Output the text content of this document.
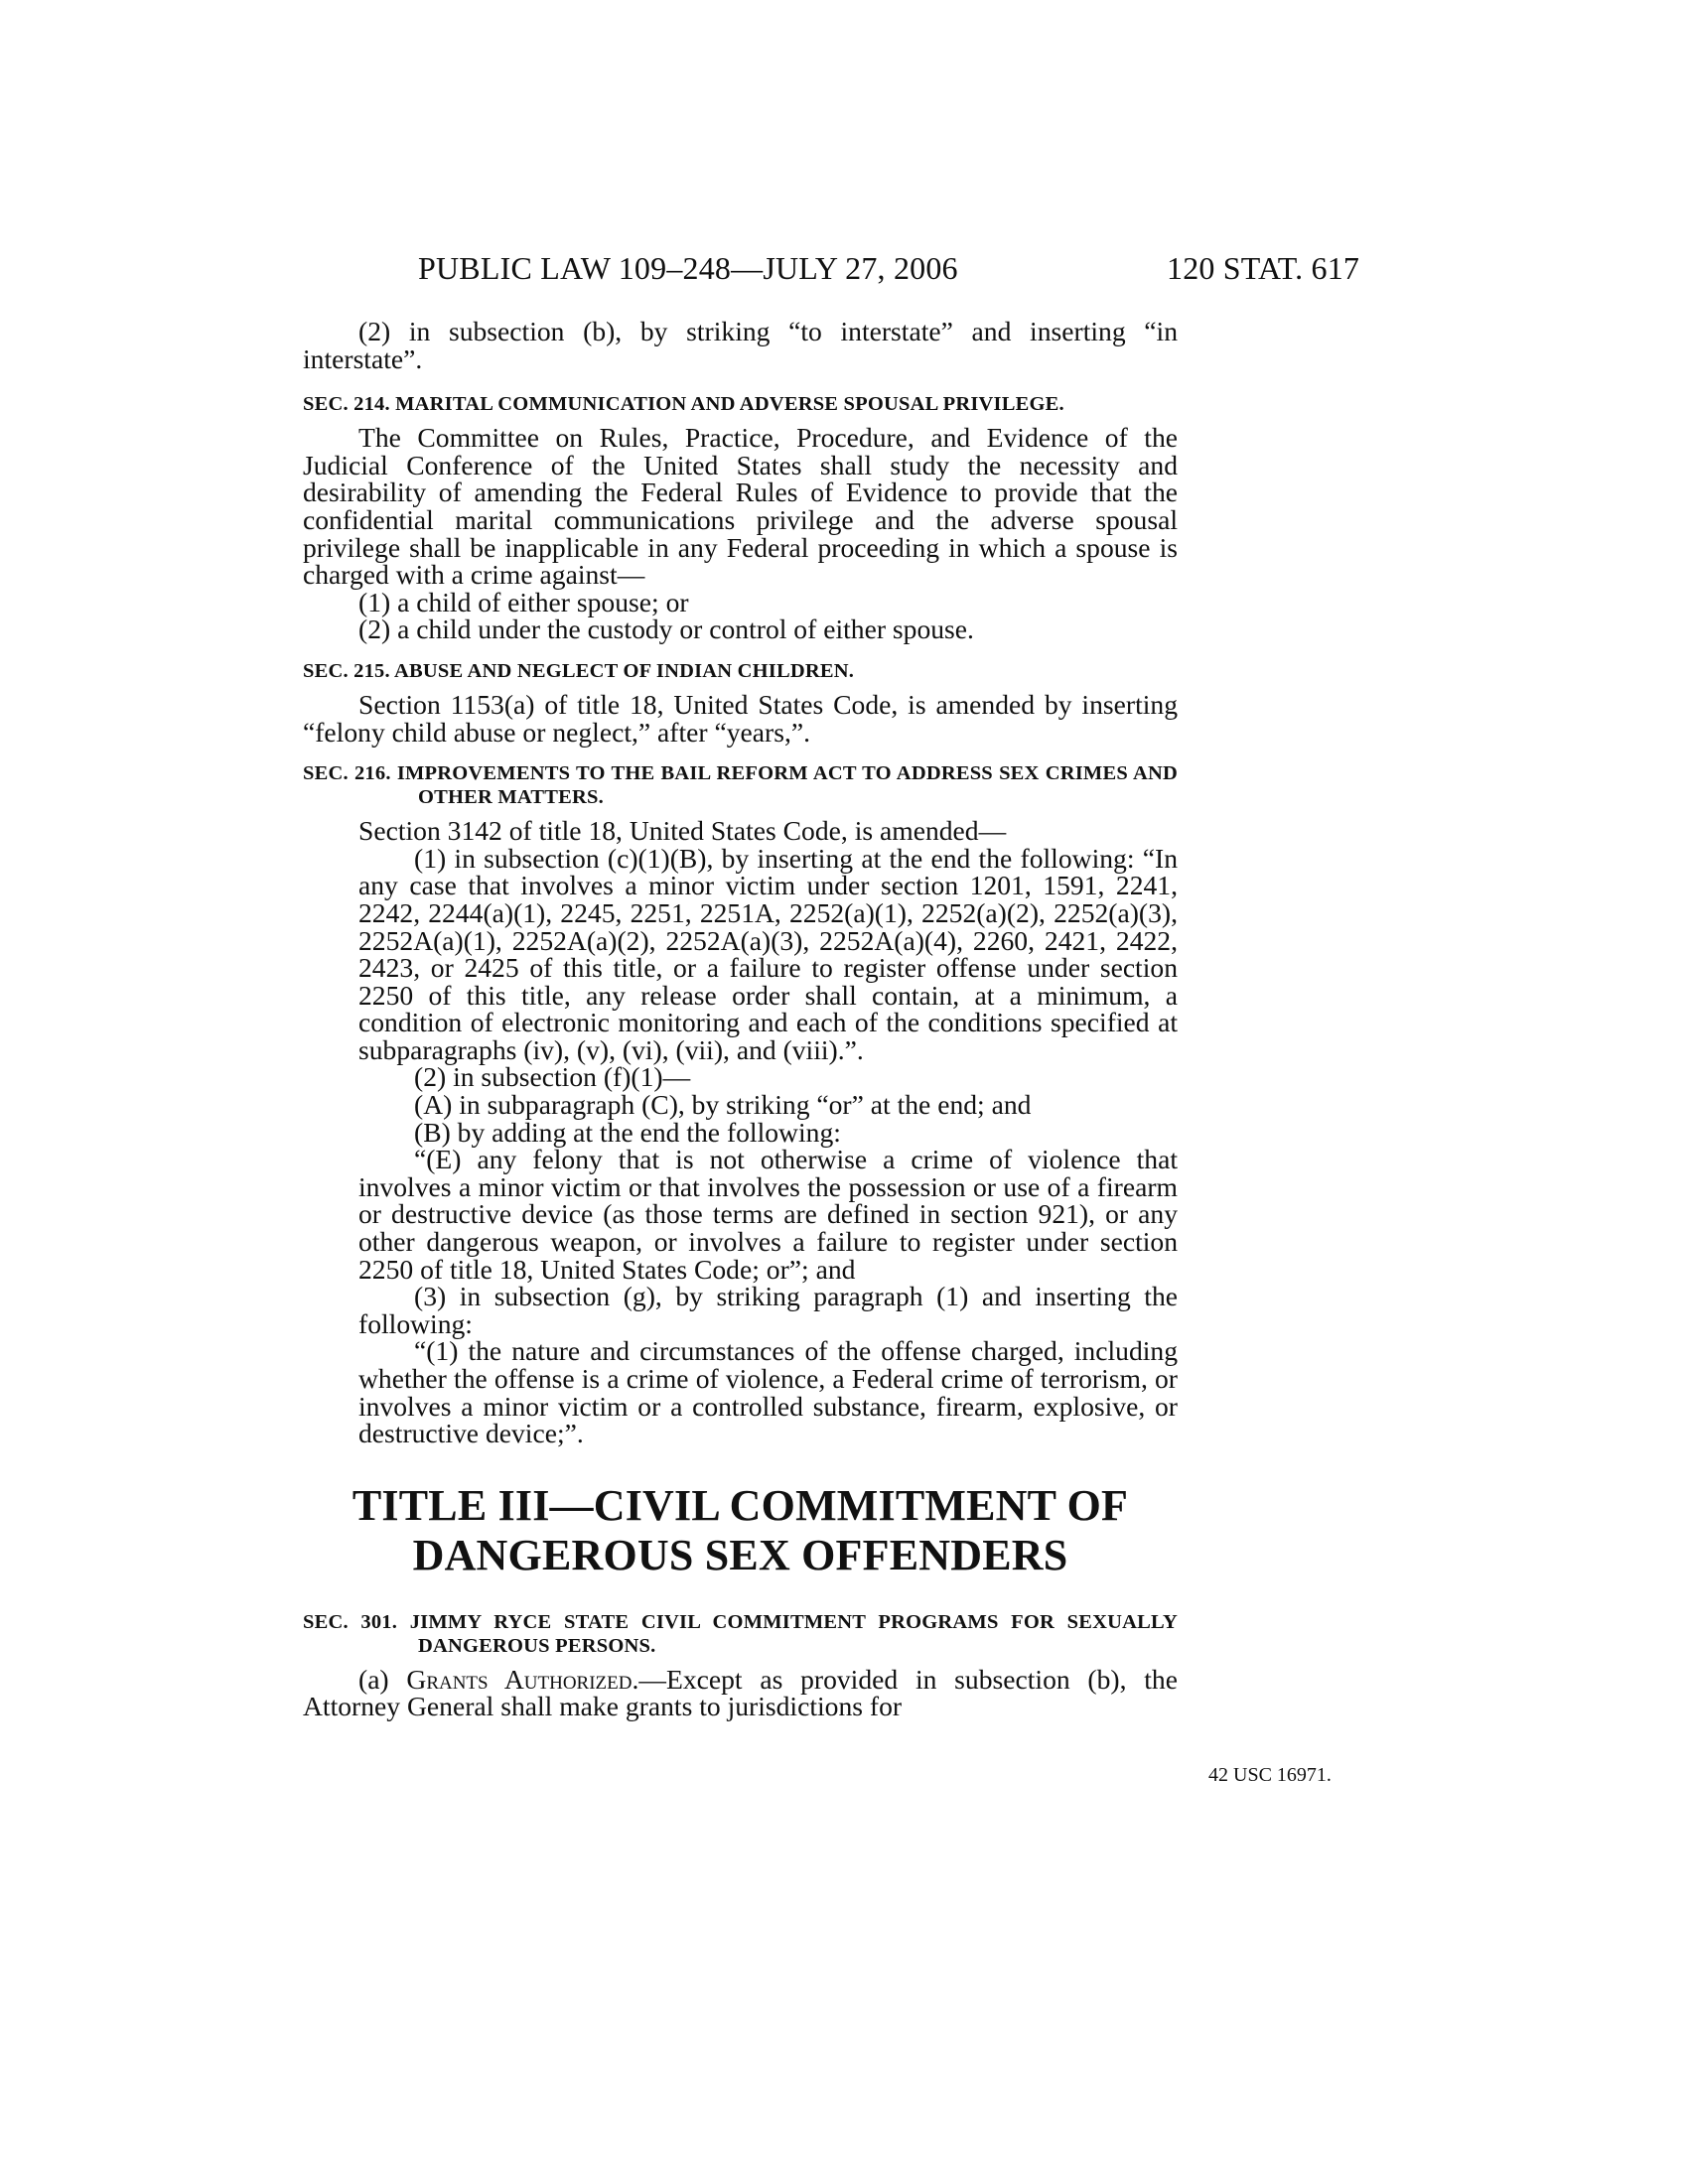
PUBLIC LAW 109–248—JULY 27, 2006	120 STAT. 617
42 USC 16971.

(2) in subsection (b), by striking “to interstate” and inserting “in interstate”.

SEC. 214. MARITAL COMMUNICATION AND ADVERSE SPOUSAL PRIVILEGE.

The Committee on Rules, Practice, Procedure, and Evidence of the Judicial Conference of the United States shall study the necessity and desirability of amending the Federal Rules of Evidence to provide that the confidential marital communications privilege and the adverse spousal privilege shall be inapplicable in any Federal proceeding in which a spouse is charged with a crime against—

(1) a child of either spouse; or

(2) a child under the custody or control of either spouse.

SEC. 215. ABUSE AND NEGLECT OF INDIAN CHILDREN.

Section 1153(a) of title 18, United States Code, is amended by inserting “felony child abuse or neglect,” after “years,”.

SEC. 216. IMPROVEMENTS TO THE BAIL REFORM ACT TO ADDRESS SEX CRIMES AND OTHER MATTERS.

Section 3142 of title 18, United States Code, is amended—

(1) in subsection (c)(1)(B), by inserting at the end the following: “In any case that involves a minor victim under section 1201, 1591, 2241, 2242, 2244(a)(1), 2245, 2251, 2251A, 2252(a)(1), 2252(a)(2), 2252(a)(3), 2252A(a)(1), 2252A(a)(2), 2252A(a)(3), 2252A(a)(4), 2260, 2421, 2422, 2423, or 2425 of this title, or a failure to register offense under section 2250 of this title, any release order shall contain, at a minimum, a condition of electronic monitoring and each of the conditions specified at subparagraphs (iv), (v), (vi), (vii), and (viii).”.

(2) in subsection (f)(1)—

(A) in subparagraph (C), by striking “or” at the end; and

(B) by adding at the end the following:

“(E) any felony that is not otherwise a crime of violence that involves a minor victim or that involves the possession or use of a firearm or destructive device (as those terms are defined in section 921), or any other dangerous weapon, or involves a failure to register under section 2250 of title 18, United States Code; or”; and

(3) in subsection (g), by striking paragraph (1) and inserting the following:

“(1) the nature and circumstances of the offense charged, including whether the offense is a crime of violence, a Federal crime of terrorism, or involves a minor victim or a controlled substance, firearm, explosive, or destructive device;”.

TITLE III—CIVIL COMMITMENT OF
DANGEROUS SEX OFFENDERS
SEC. 301. JIMMY RYCE STATE CIVIL COMMITMENT PROGRAMS FOR SEXUALLY DANGEROUS PERSONS.

(a) Grants Authorized.—Except as provided in subsection (b), the Attorney General shall make grants to jurisdictions for
